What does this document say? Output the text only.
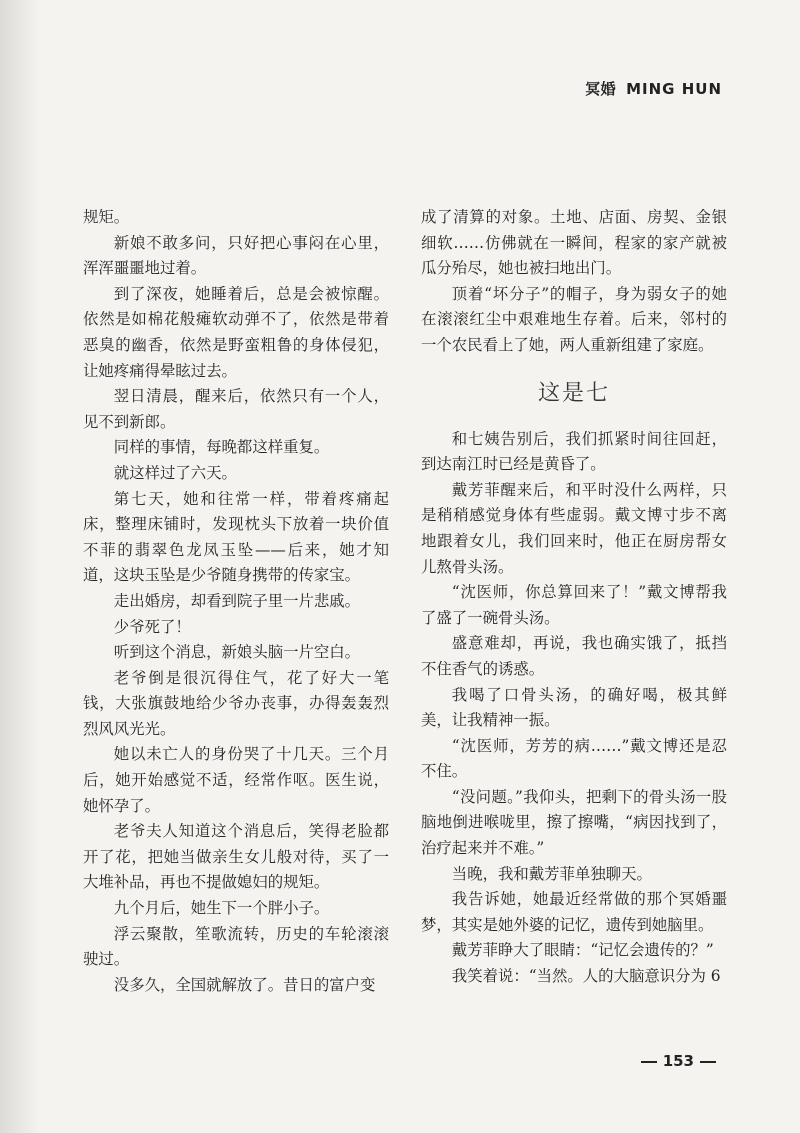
冥婚 MING HUN

规矩。

新娘不敢多问，只好把心事闷在心里，浑浑噩噩地过着。

到了深夜，她睡着后，总是会被惊醒。依然是如棉花般瘫软动弹不了，依然是带着恶臭的幽香，依然是野蛮粗鲁的身体侵犯，让她疼痛得晕眩过去。

翌日清晨，醒来后，依然只有一个人，见不到新郎。

同样的事情，每晚都这样重复。

就这样过了六天。

第七天，她和往常一样，带着疼痛起床，整理床铺时，发现枕头下放着一块价值不菲的翡翠色龙凤玉坠——后来，她才知道，这块玉坠是少爷随身携带的传家宝。

走出婚房，却看到院子里一片悲戚。

少爷死了！

听到这个消息，新娘头脑一片空白。

老爷倒是很沉得住气，花了好大一笔钱，大张旗鼓地给少爷办丧事，办得轰轰烈烈风风光光。

她以未亡人的身份哭了十几天。三个月后，她开始感觉不适，经常作呕。医生说，她怀孕了。

老爷夫人知道这个消息后，笑得老脸都开了花，把她当做亲生女儿般对待，买了一大堆补品，再也不提做媳妇的规矩。

九个月后，她生下一个胖小子。

浮云聚散，笙歌流转，历史的车轮滚滚驶过。

没多久，全国就解放了。昔日的富户变

成了清算的对象。土地、店面、房契、金银细软……仿佛就在一瞬间，程家的家产就被瓜分殆尽，她也被扫地出门。

顶着“坏分子”的帽子，身为弱女子的她在滚滚红尘中艰难地生存着。后来，邻村的一个农民看上了她，两人重新组建了家庭。

这是七

和七姨告别后，我们抓紧时间往回赶，到达南江时已经是黄昏了。

戴芳菲醒来后，和平时没什么两样，只是稍稍感觉身体有些虚弱。戴文博寸步不离地跟着女儿，我们回来时，他正在厨房帮女儿熬骨头汤。

“沈医师，你总算回来了！”戴文博帮我了盛了一碗骨头汤。

盛意难却，再说，我也确实饿了，抵挡不住香气的诱惑。

我喝了口骨头汤，的确好喝，极其鲜美，让我精神一振。

“沈医师，芳芳的病……”戴文博还是忍不住。

“没问题。”我仰头，把剩下的骨头汤一股脑地倒进喉咙里，擦了擦嘴，“病因找到了，治疗起来并不难。”

当晚，我和戴芳菲单独聊天。

我告诉她，她最近经常做的那个冥婚噩梦，其实是她外婆的记忆，遗传到她脑里。

戴芳菲睁大了眼睛：“记忆会遗传的？”

我笑着说：“当然。人的大脑意识分为 6

153
